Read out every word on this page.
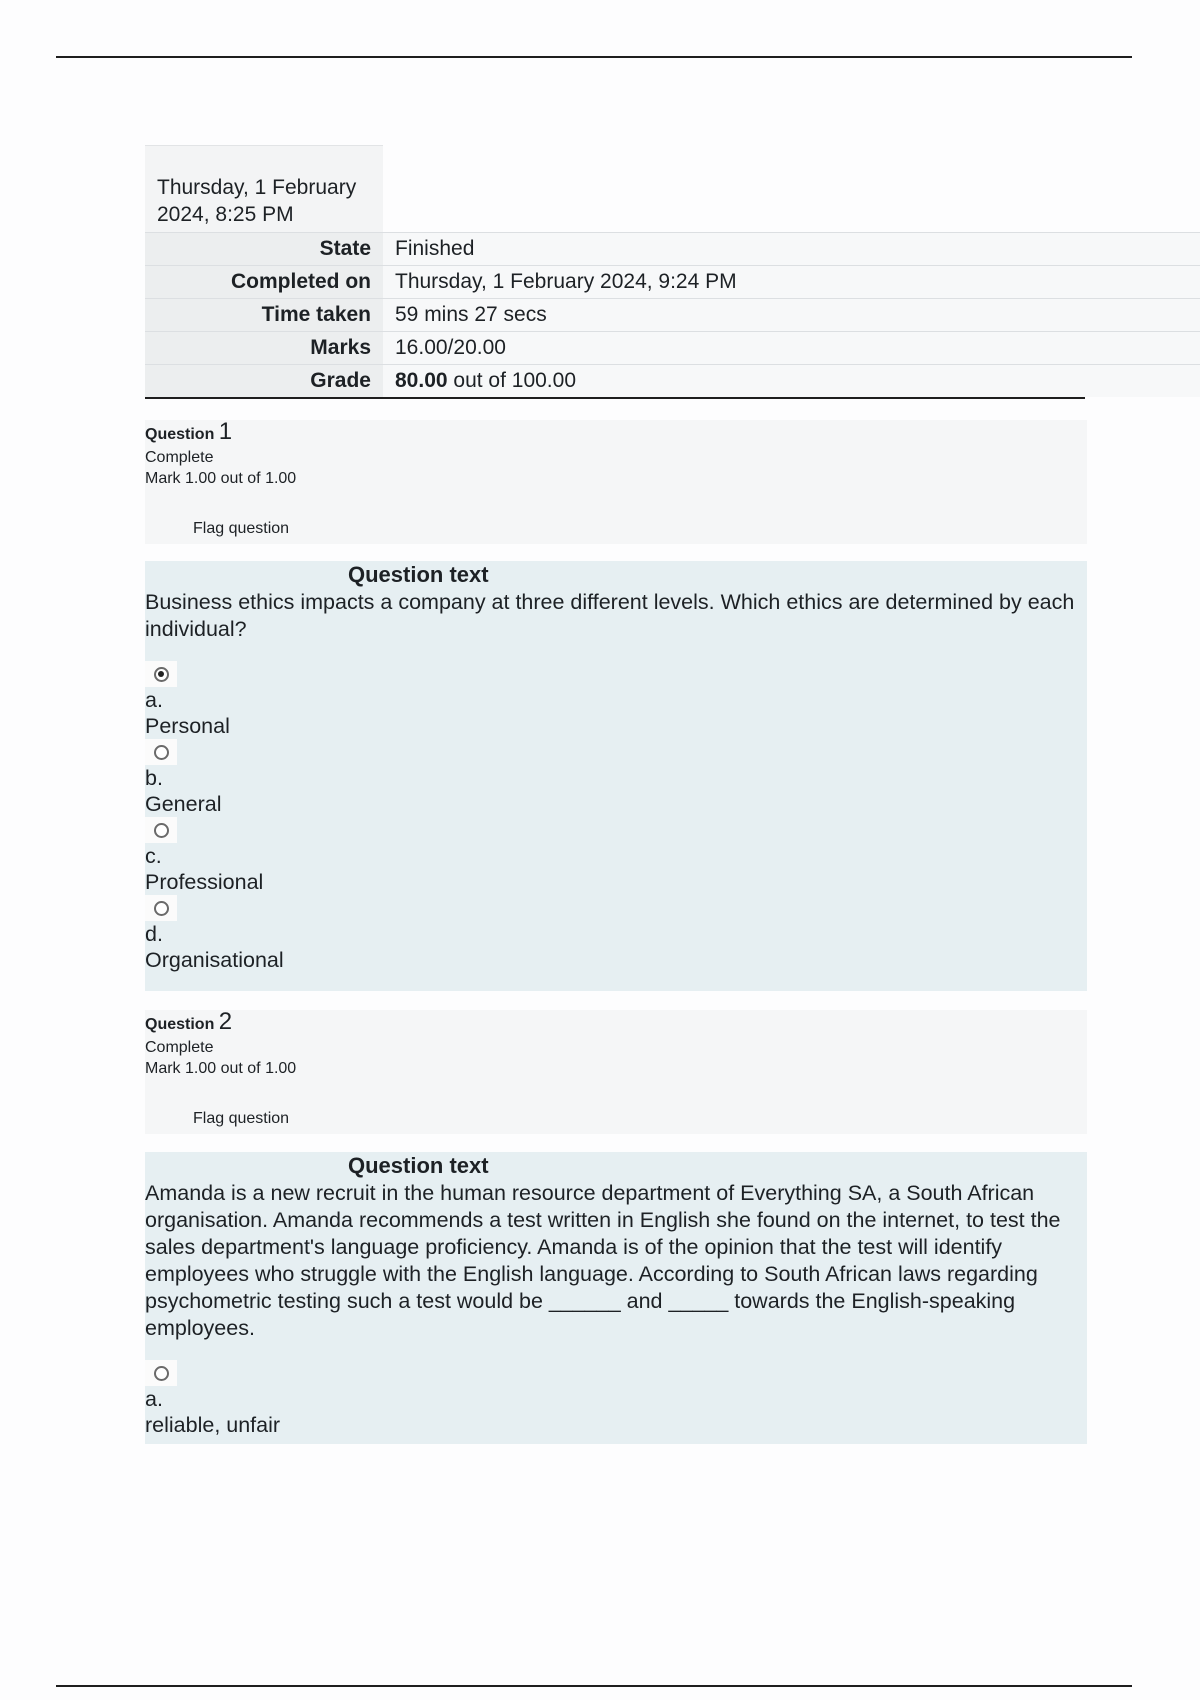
Thursday, 1 February 2024, 8:25 PM
State	Finished
Completed on	Thursday, 1 February 2024, 9:24 PM
Time taken	59 mins 27 secs
Marks	16.00/20.00
Grade	80.00 out of 100.00
Question 1
Complete
Mark 1.00 out of 1.00
Flag question
Question text
Business ethics impacts a company at three different levels. Which ethics are determined by each individual?
a.
Personal
b.
General
c.
Professional
d.
Organisational
Question 2
Complete
Mark 1.00 out of 1.00
Flag question
Question text
Amanda is a new recruit in the human resource department of Everything SA, a South African organisation. Amanda recommends a test written in English she found on the internet, to test the sales department's language proficiency. Amanda is of the opinion that the test will identify employees who struggle with the English language. According to South African laws regarding psychometric testing such a test would be ______ and _____ towards the English-speaking employees.
a.
reliable, unfair
